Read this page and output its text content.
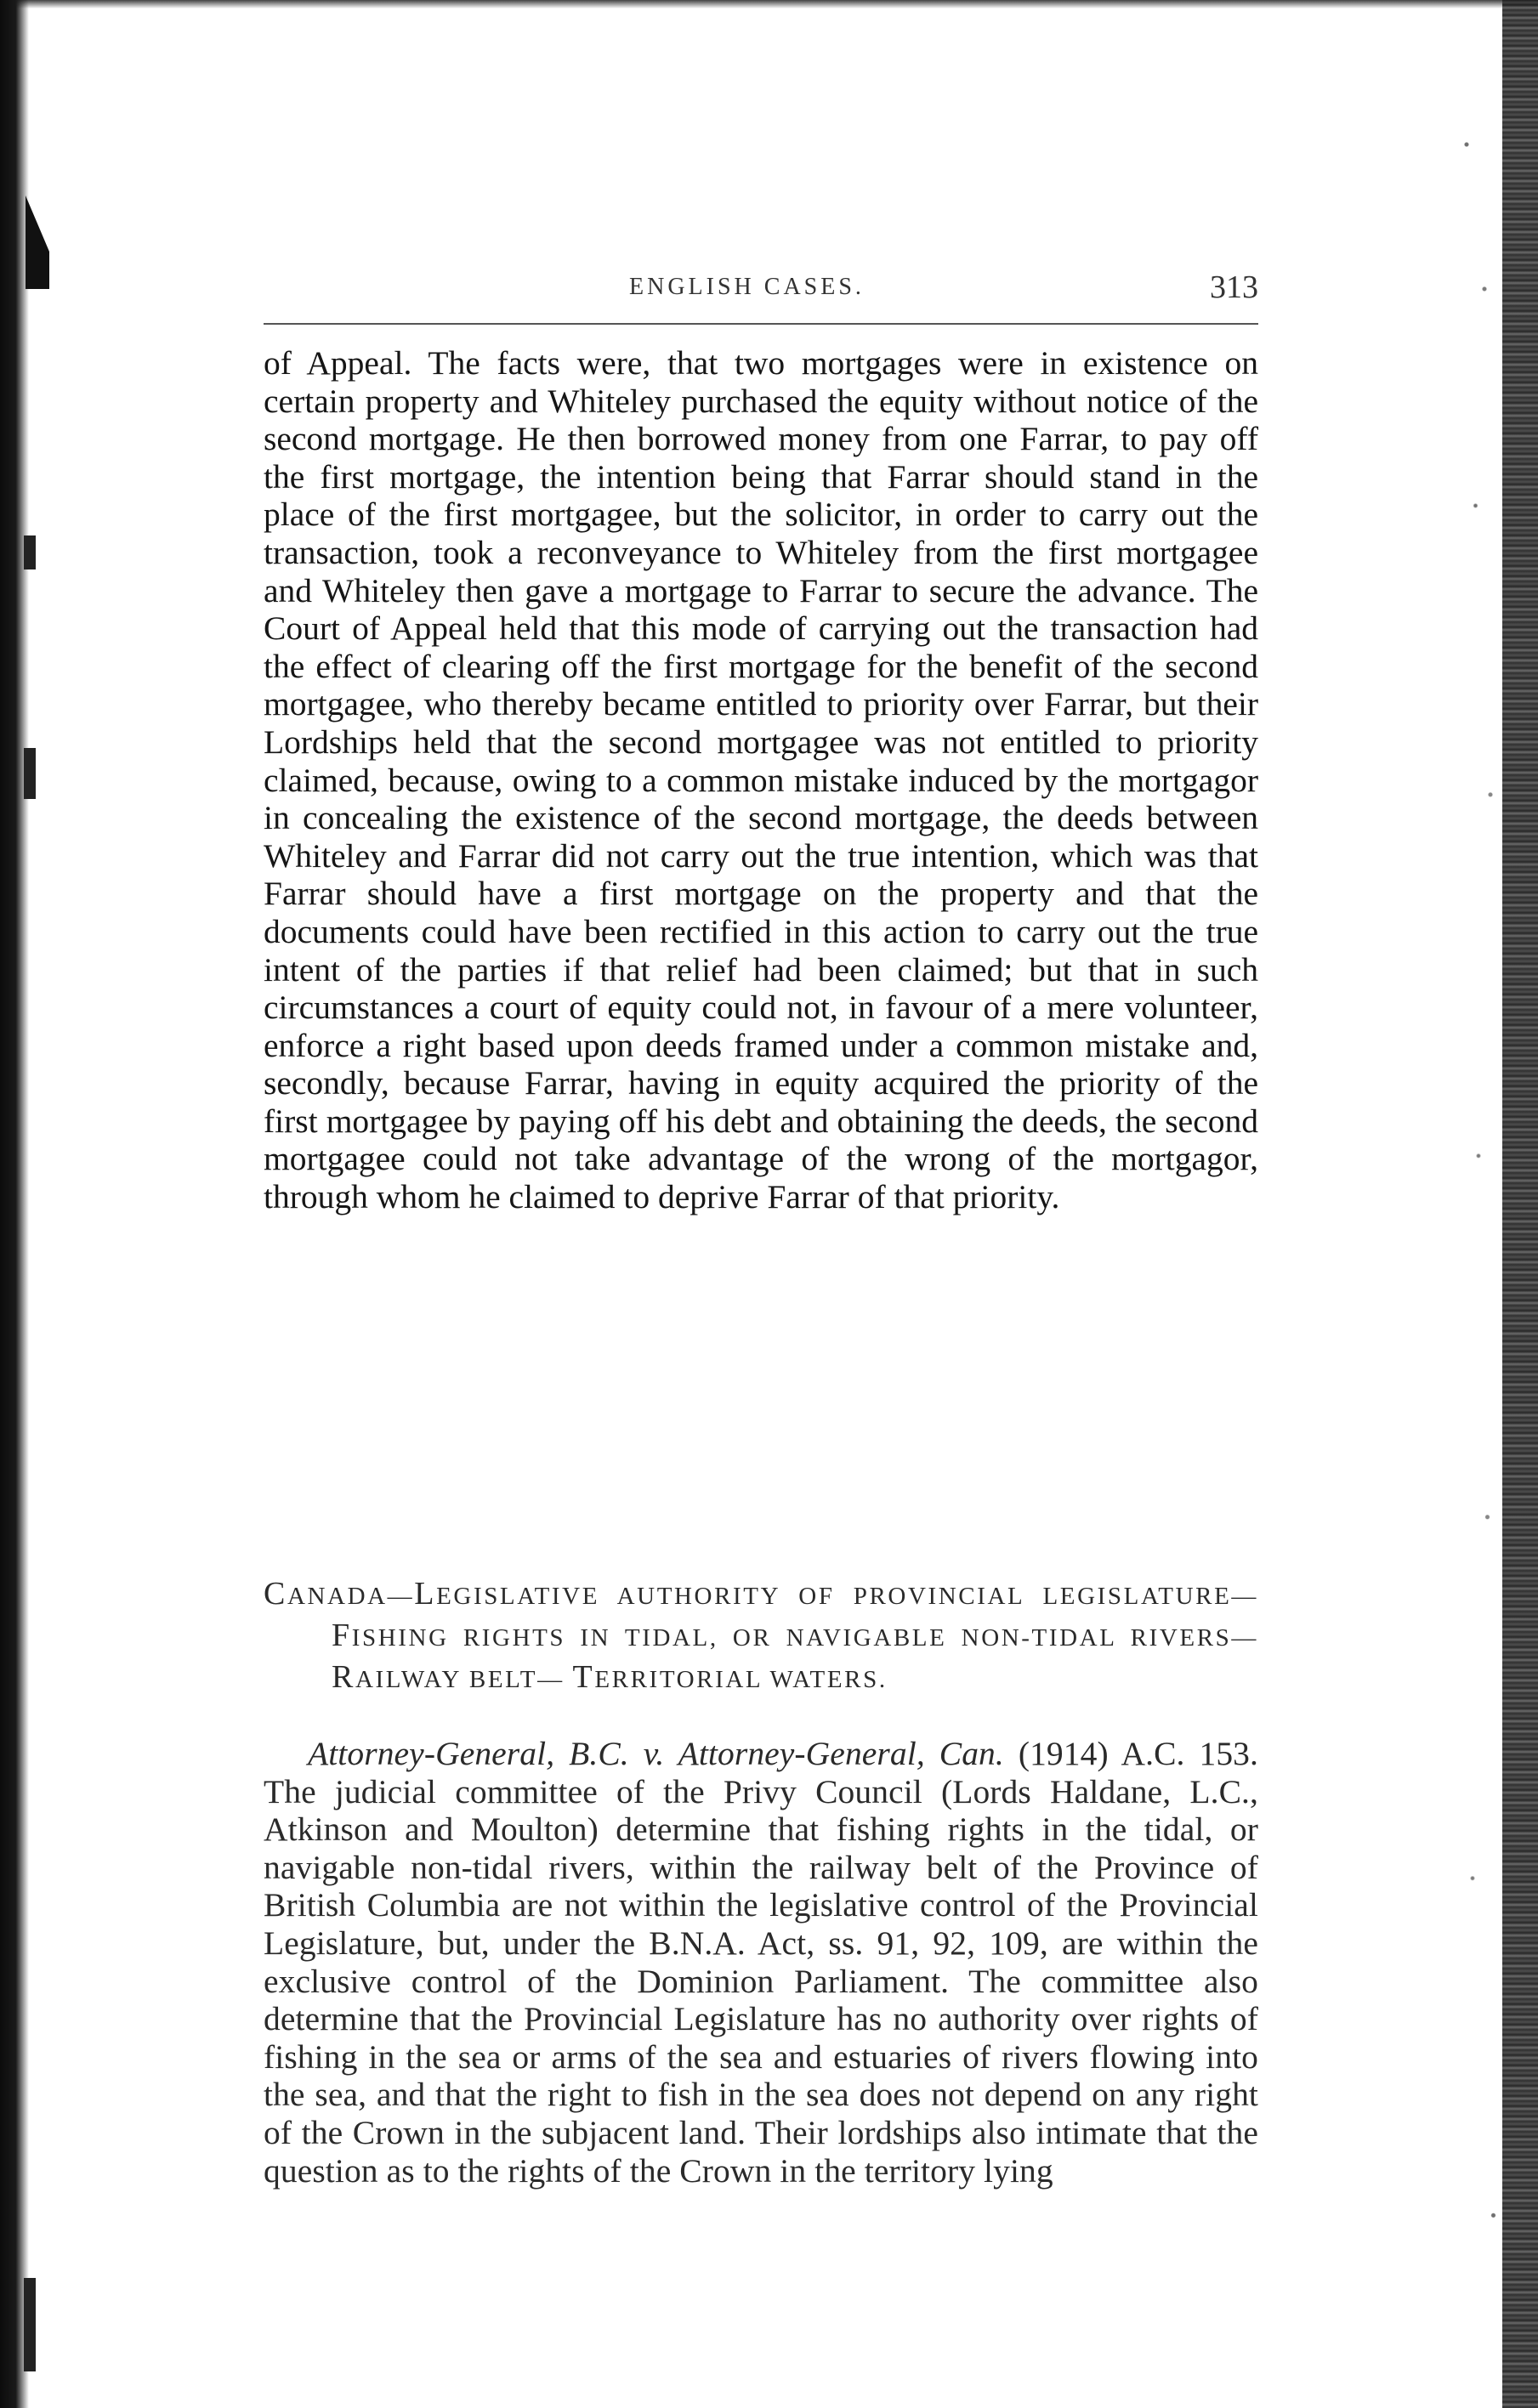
ENGLISH CASES.	313
of Appeal. The facts were, that two mortgages were in existence on certain property and Whiteley purchased the equity without notice of the second mortgage. He then borrowed money from one Farrar, to pay off the first mortgage, the intention being that Farrar should stand in the place of the first mortgagee, but the solicitor, in order to carry out the transaction, took a reconveyance to Whiteley from the first mortgagee and Whiteley then gave a mortgage to Farrar to secure the advance. The Court of Appeal held that this mode of carrying out the transaction had the effect of clearing off the first mortgage for the benefit of the second mortgagee, who thereby became entitled to priority over Farrar, but their Lordships held that the second mortgagee was not entitled to priority claimed, because, owing to a common mistake induced by the mortgagor in concealing the existence of the second mortgage, the deeds between Whiteley and Farrar did not carry out the true intention, which was that Farrar should have a first mortgage on the property and that the documents could have been rectified in this action to carry out the true intent of the parties if that relief had been claimed; but that in such circumstances a court of equity could not, in favour of a mere volunteer, enforce a right based upon deeds framed under a common mistake and, secondly, because Farrar, having in equity acquired the priority of the first mortgagee by paying off his debt and obtaining the deeds, the second mortgagee could not take advantage of the wrong of the mortgagor, through whom he claimed to deprive Farrar of that priority.
CANADA—LEGISLATIVE AUTHORITY OF PROVINCIAL LEGISLATURE— FISHING RIGHTS IN TIDAL, OR NAVIGABLE NON-TIDAL RIVERS— RAILWAY BELT— TERRITORIAL WATERS.
Attorney-General, B.C. v. Attorney-General, Can. (1914) A.C. 153. The judicial committee of the Privy Council (Lords Haldane, L.C., Atkinson and Moulton) determine that fishing rights in the tidal, or navigable non-tidal rivers, within the railway belt of the Province of British Columbia are not within the legislative control of the Provincial Legislature, but, under the B.N.A. Act, ss. 91, 92, 109, are within the exclusive control of the Dominion Parliament. The committee also determine that the Provincial Legislature has no authority over rights of fishing in the sea or arms of the sea and estuaries of rivers flowing into the sea, and that the right to fish in the sea does not depend on any right of the Crown in the subjacent land. Their lordships also intimate that the question as to the rights of the Crown in the territory lying
